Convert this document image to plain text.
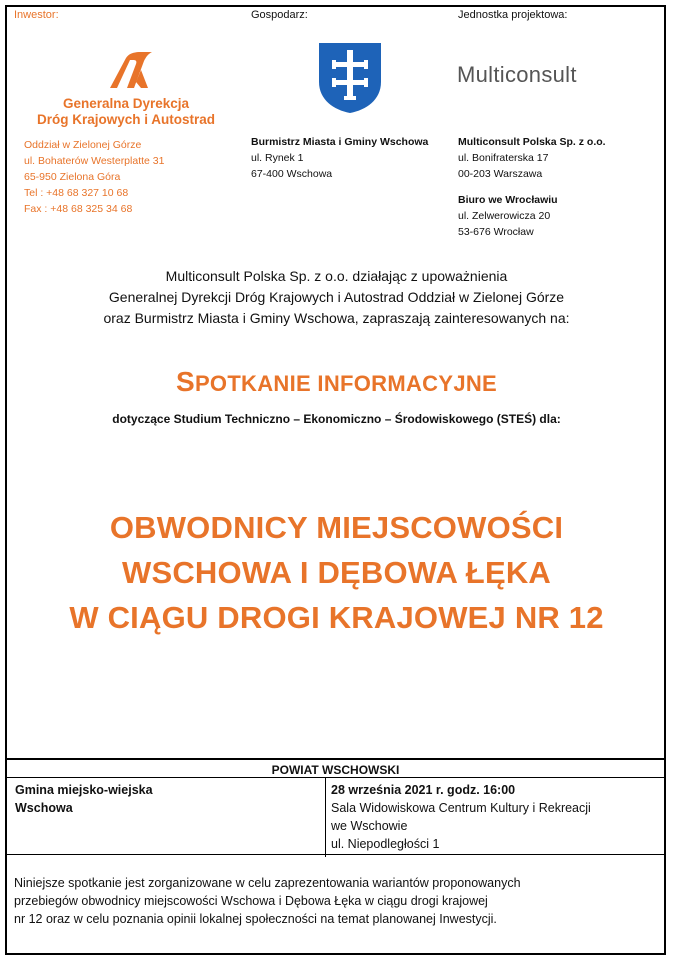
Inwestor:	Gospodarz:	Jednostka projektowa:
Generalna Dyrekcja
Dróg Krajowych i Autostrad
Oddział w Zielonej Górze
ul. Bohaterów Westerplatte 31
65-950 Zielona Góra
Tel : +48 68 327 10 68
Fax : +48 68 325 34 68
Burmistrz Miasta i Gminy Wschowa
ul. Rynek 1
67-400 Wschowa
Multiconsult
Multiconsult Polska Sp. z o.o.
ul. Bonifraterska 17
00-203 Warszawa
Biuro we Wrocławiu
ul. Zelwerowicza 20
53-676 Wrocław
Multiconsult Polska Sp. z o.o. działając z upoważnienia
Generalnej Dyrekcji Dróg Krajowych i Autostrad Oddział w Zielonej Górze
oraz Burmistrz Miasta i Gminy Wschowa, zapraszają zainteresowanych na:
SPOTKANIE INFORMACYJNE
dotyczące Studium Techniczno – Ekonomiczno – Środowiskowego (STEŚ) dla:
OBWODNICY MIEJSCOWOŚCI
WSCHOWA I DĘBOWA ŁĘKA
W CIĄGU DROGI KRAJOWEJ NR 12
POWIAT WSCHOWSKI
Gmina miejsko-wiejska
Wschowa
28 września 2021 r. godz. 16:00
Sala Widowiskowa Centrum Kultury i Rekreacji
we Wschowie
ul. Niepodległości 1
Niniejsze spotkanie jest zorganizowane w celu zaprezentowania wariantów proponowanych
przebiegów obwodnicy miejscowości Wschowa i Dębowa Łęka w ciągu drogi krajowej
nr 12 oraz w celu poznania opinii lokalnej społeczności na temat planowanej Inwestycji.
